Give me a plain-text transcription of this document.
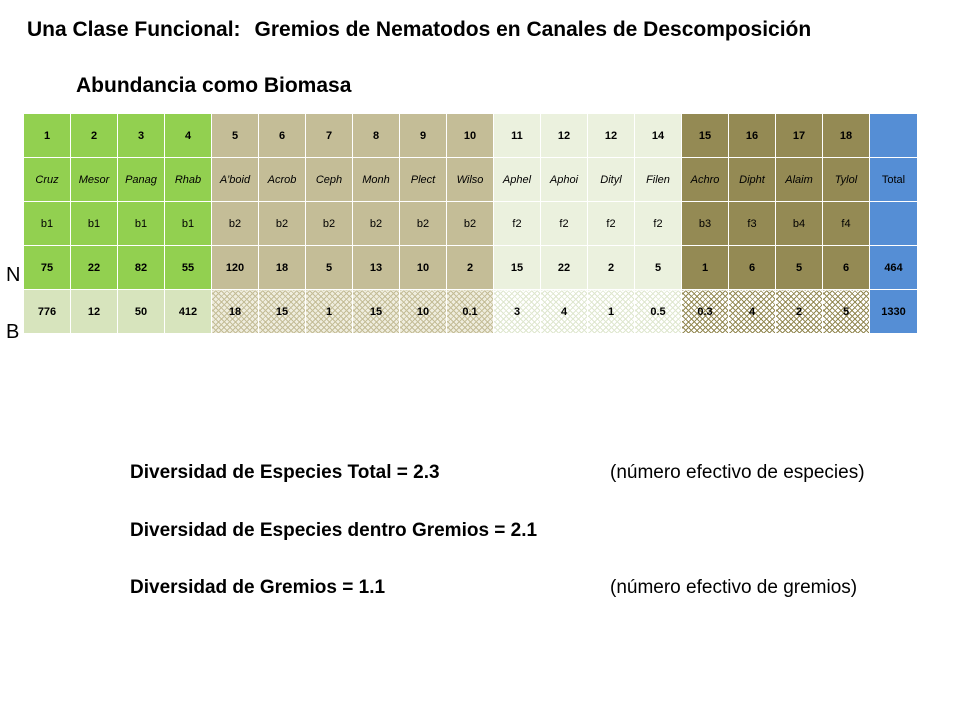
Una Clase Funcional: Gremios de Nematodos en Canales de Descomposición
Abundancia como Biomasa
N
B
1	2	3	4	5	6	7	8	9	10	11	12	12	14	15	16	17	18	
Cruz	Mesor	Panag	Rhab	A’boid	Acrob	Ceph	Monh	Plect	Wilso	Aphel	Aphoi	Dityl	Filen	Achro	Dipht	Alaim	Tylol	Total
b1	b1	b1	b1	b2	b2	b2	b2	b2	b2	f2	f2	f2	f2	b3	f3	b4	f4	
75	22	82	55	120	18	5	13	10	2	15	22	2	5	1	6	5	6	464
776	12	50	412	18	15	1	15	10	0.1	3	4	1	0.5	0.3	4	2	5	1330
Diversidad de Especies Total = 2.3	(número efectivo de especies)
Diversidad de Especies dentro Gremios = 2.1
Diversidad de Gremios = 1.1	(número efectivo de gremios)
